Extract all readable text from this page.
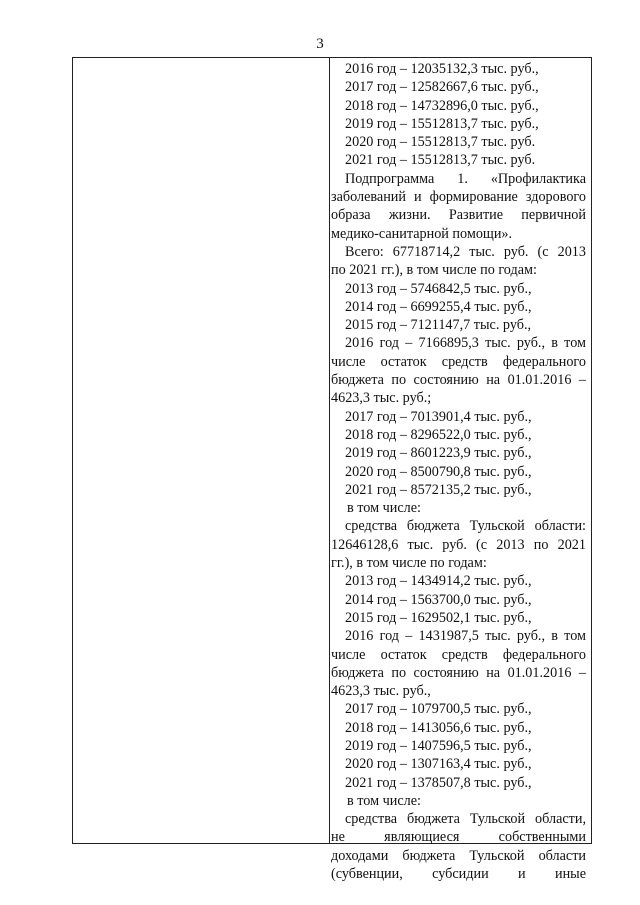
3
2016 год – 12035132,3 тыс. руб.,
2017 год – 12582667,6 тыс. руб.,
2018 год – 14732896,0 тыс. руб.,
2019 год – 15512813,7 тыс. руб.,
2020 год – 15512813,7 тыс. руб.
2021 год – 15512813,7 тыс. руб.
Подпрограмма 1. «Профилактика
заболеваний и формирование здорового
образа жизни. Развитие первичной
медико-санитарной помощи».
Всего: 67718714,2 тыс. руб. (с 2013
по 2021 гг.), в том числе по годам:
2013 год – 5746842,5 тыс. руб.,
2014 год – 6699255,4 тыс. руб.,
2015 год – 7121147,7 тыс. руб.,
2016 год – 7166895,3 тыс. руб., в том
числе остаток средств федерального
бюджета по состоянию на 01.01.2016 –
4623,3 тыс. руб.;
2017 год – 7013901,4 тыс. руб.,
2018 год – 8296522,0 тыс. руб.,
2019 год – 8601223,9 тыс. руб.,
2020 год – 8500790,8 тыс. руб.,
2021 год – 8572135,2 тыс. руб.,
в том числе:
средства бюджета Тульской области:
12646128,6 тыс. руб. (с 2013 по 2021
гг.), в том числе по годам:
2013 год – 1434914,2 тыс. руб.,
2014 год – 1563700,0 тыс. руб.,
2015 год – 1629502,1 тыс. руб.,
2016 год – 1431987,5 тыс. руб., в том
числе остаток средств федерального
бюджета по состоянию на 01.01.2016 –
4623,3 тыс. руб.,
2017 год – 1079700,5 тыс. руб.,
2018 год – 1413056,6 тыс. руб.,
2019 год – 1407596,5 тыс. руб.,
2020 год – 1307163,4 тыс. руб.,
2021 год – 1378507,8 тыс. руб.,
в том числе:
средства бюджета Тульской области,
не являющиеся собственными
доходами бюджета Тульской области
(субвенции, субсидии и иные
